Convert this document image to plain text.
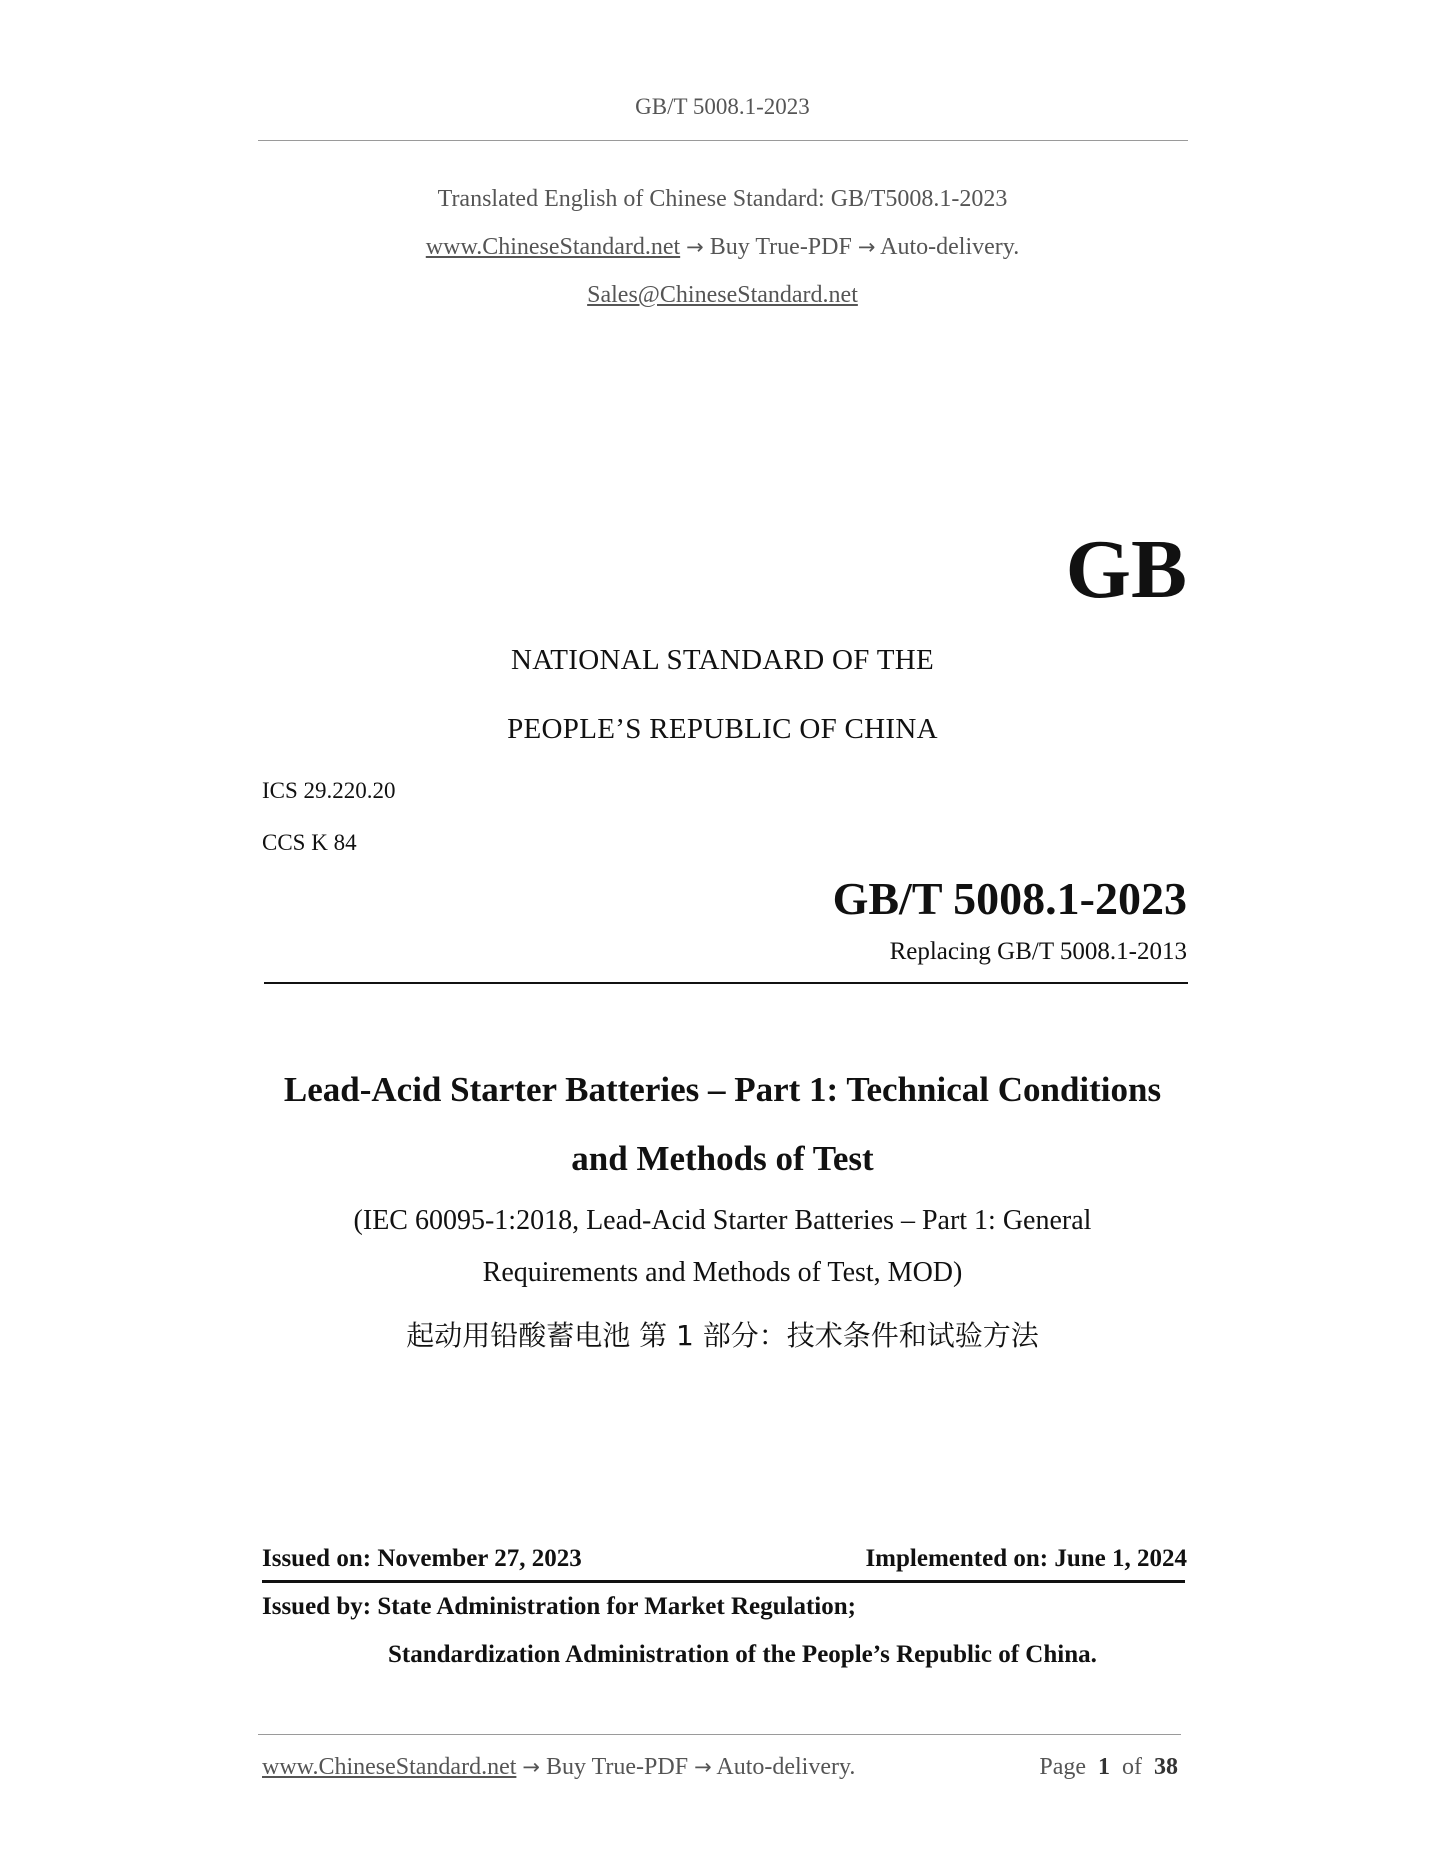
GB/T 5008.1-2023
Translated English of Chinese Standard: GB/T5008.1-2023
www.ChineseStandard.net → Buy True-PDF → Auto-delivery.
Sales@ChineseStandard.net
GB
NATIONAL STANDARD OF THE
PEOPLE’S REPUBLIC OF CHINA
ICS 29.220.20
CCS K 84
GB/T 5008.1-2023
Replacing GB/T 5008.1-2013
Lead-Acid Starter Batteries – Part 1: Technical Conditions
and Methods of Test
(IEC 60095-1:2018, Lead-Acid Starter Batteries – Part 1: General
Requirements and Methods of Test, MOD)
起动用铅酸蓄电池 第 1 部分：技术条件和试验方法
Issued on: November 27, 2023	Implemented on: June 1, 2024
Issued by: State Administration for Market Regulation;
Standardization Administration of the People’s Republic of China.
www.ChineseStandard.net → Buy True-PDF → Auto-delivery.	Page 1 of 38
